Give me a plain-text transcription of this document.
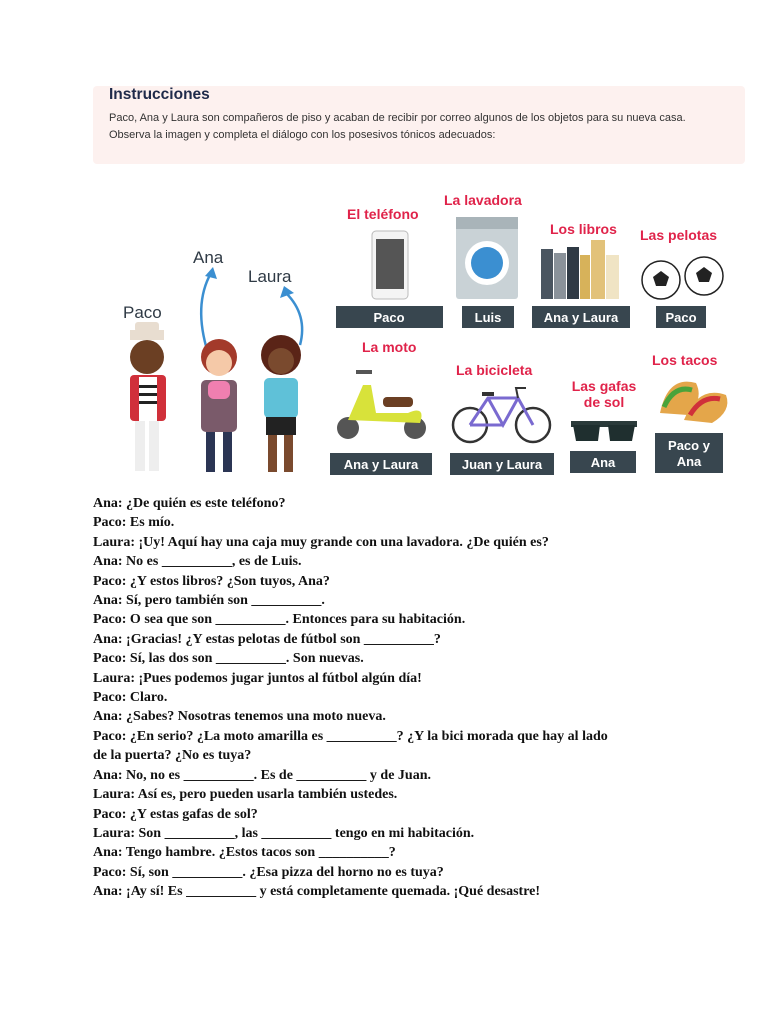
Instrucciones
Paco, Ana y Laura son compañeros de piso y acaban de recibir por correo algunos de los objetos para su nueva casa.
Observa la imagen y completa el diálogo con los posesivos tónicos adecuados:
Paco
Ana
Laura
El teléfono
Paco
La lavadora
Luis
Los libros
Ana y Laura
Las pelotas
Paco
La moto
Ana y Laura
La bicicleta
Juan y Laura
Las gafas
de sol
Ana
Los tacos
Paco y
Ana
Ana: ¿De quién es este teléfono?
Paco: Es mío.
Laura: ¡Uy! Aquí hay una caja muy grande con una lavadora. ¿De quién es?
Ana: No es __________, es de Luis.
Paco: ¿Y estos libros? ¿Son tuyos, Ana?
Ana: Sí, pero también son __________.
Paco: O sea que son __________. Entonces para su habitación.
Ana: ¡Gracias! ¿Y estas pelotas de fútbol son __________?
Paco: Sí, las dos son __________. Son nuevas.
Laura: ¡Pues podemos jugar juntos al fútbol algún día!
Paco: Claro.
Ana: ¿Sabes? Nosotras tenemos una moto nueva.
Paco: ¿En serio? ¿La moto amarilla es __________? ¿Y la bici morada que hay al lado
de la puerta? ¿No es tuya?
Ana: No, no es __________. Es de __________ y de Juan.
Laura: Así es, pero pueden usarla también ustedes.
Paco: ¿Y estas gafas de sol?
Laura: Son __________, las __________ tengo en mi habitación.
Ana: Tengo hambre. ¿Estos tacos son __________?
Paco: Sí, son __________. ¿Esa pizza del horno no es tuya?
Ana: ¡Ay sí! Es __________ y está completamente quemada. ¡Qué desastre!
